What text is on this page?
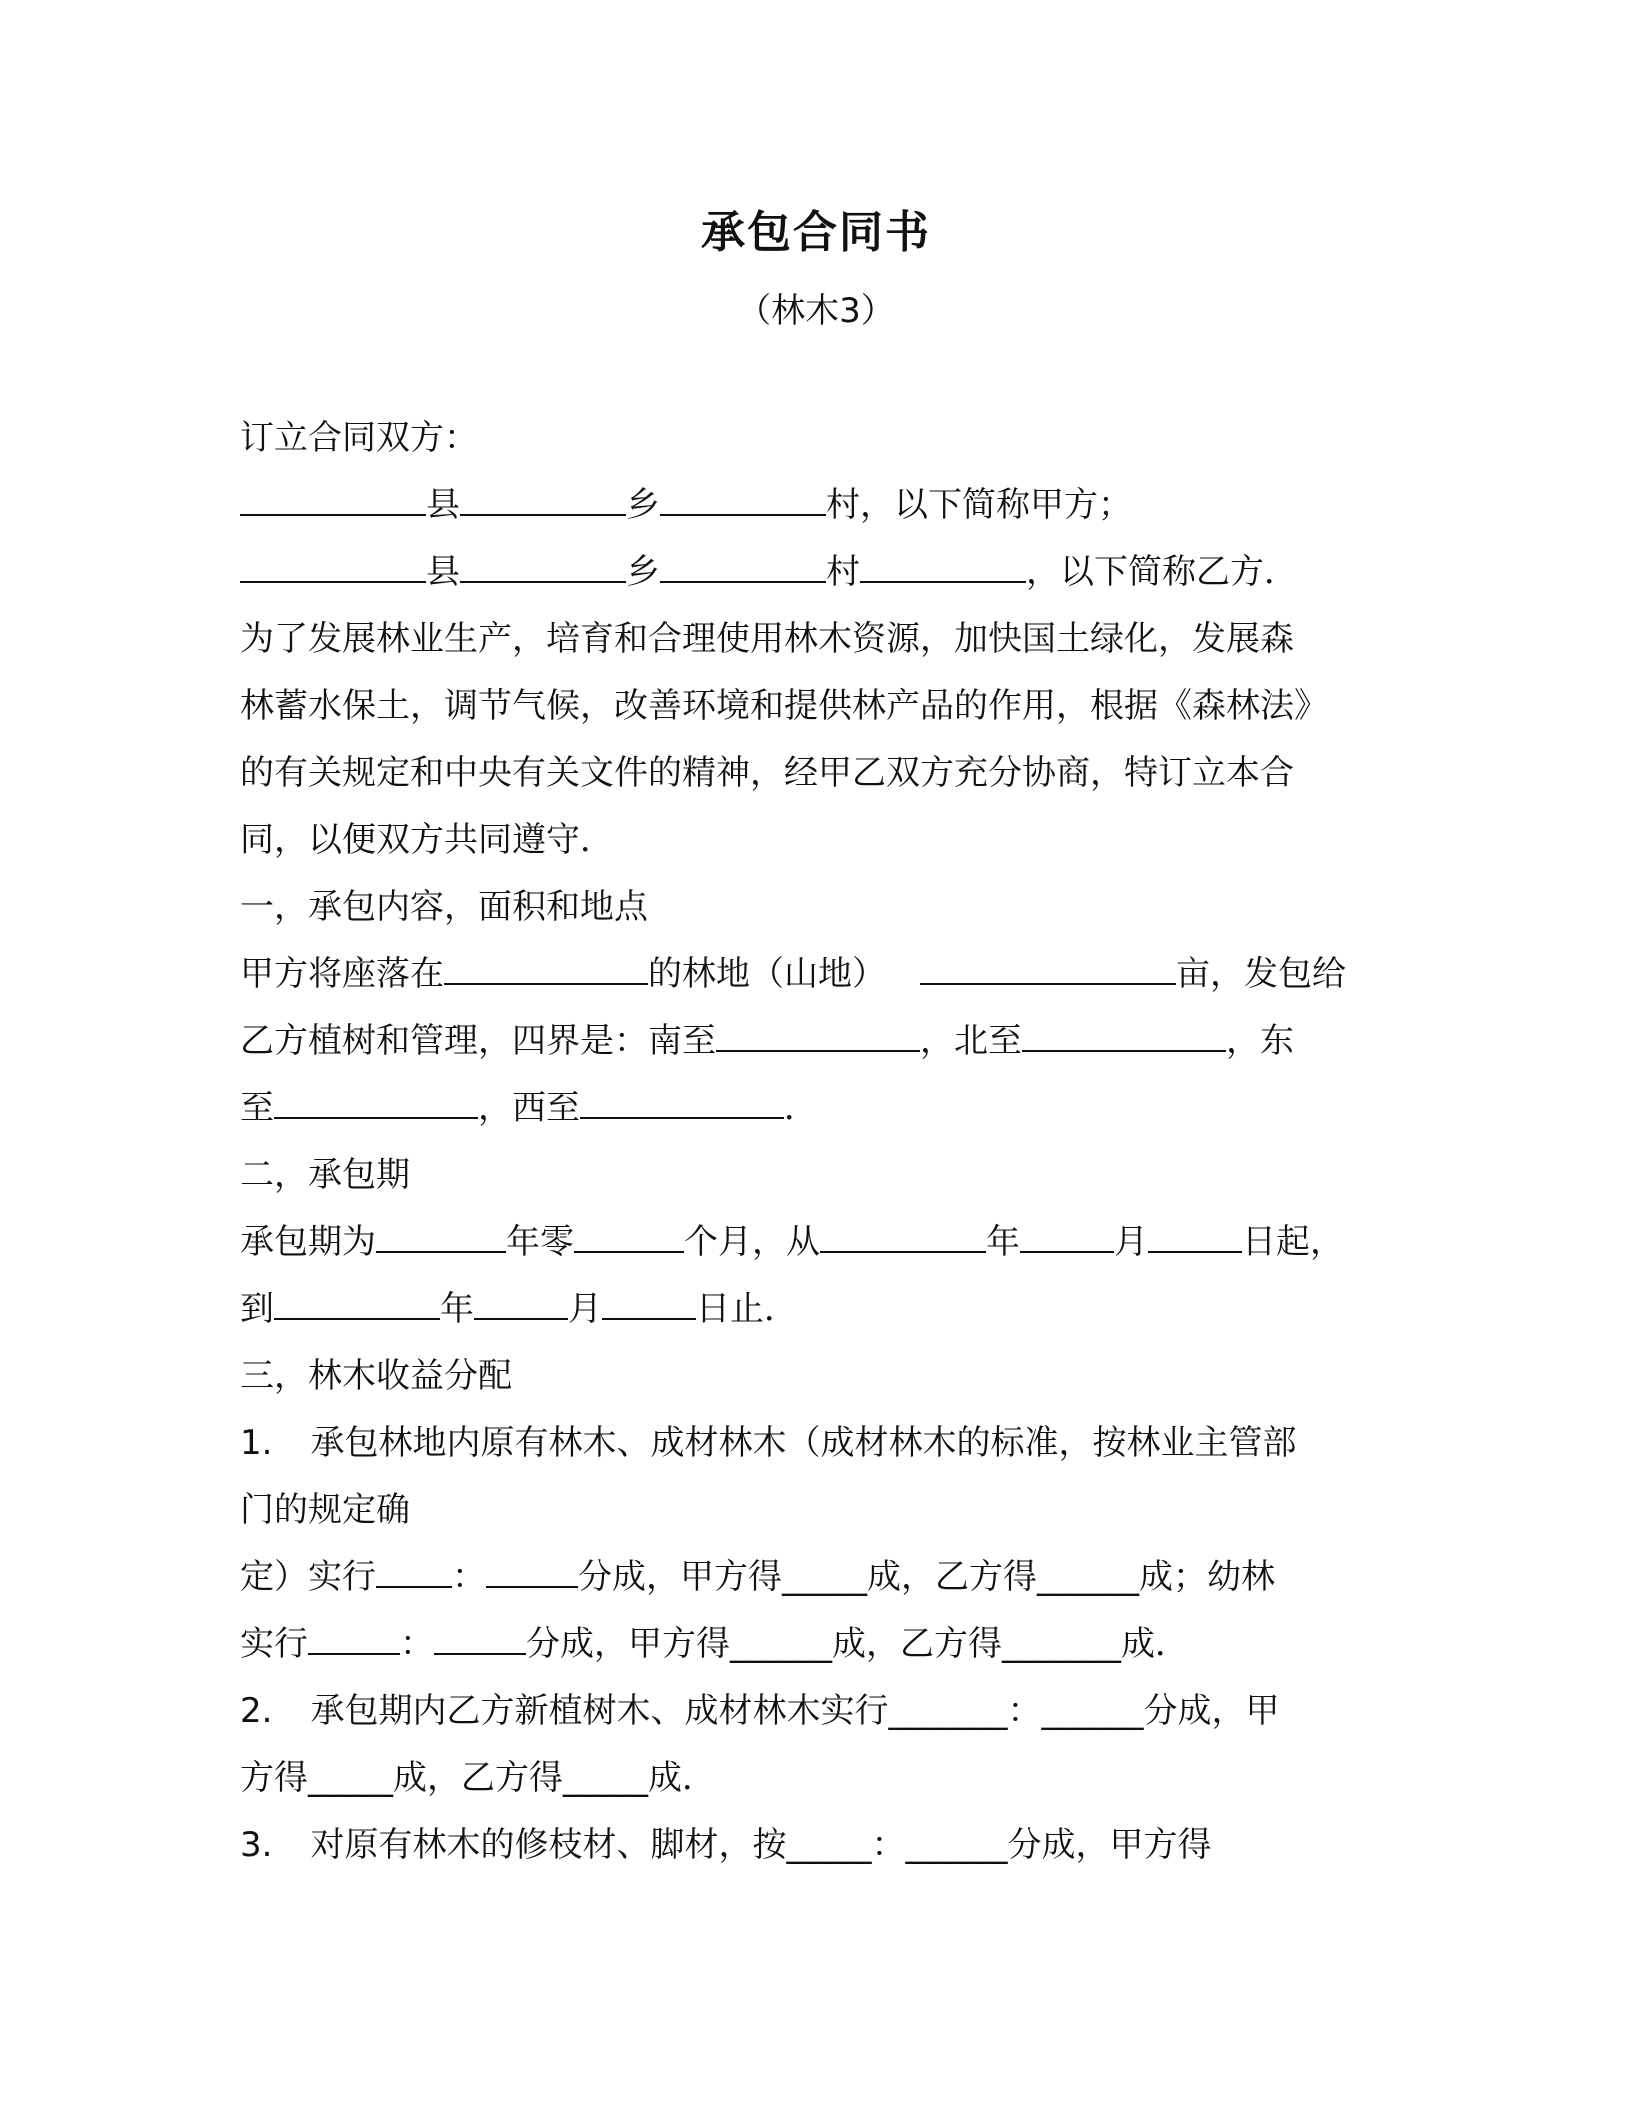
承包合同书
（林木3）
订立合同双方：
县	乡	村，以下简称甲方；
县	乡	村	，以下简称乙方．
为了发展林业生产，培育和合理使用林木资源，加快国土绿化，发展森
林蓄水保土，调节气候，改善环境和提供林产品的作用，根据《森林法》
的有关规定和中央有关文件的精神，经甲乙双方充分协商，特订立本合
同，以便双方共同遵守．
一，承包内容，面积和地点
甲方将座落在	的林地（山地）	亩，发包给
乙方植树和管理，四界是：南至	，北至	，东
至	，西至	．
二，承包期
承包期为	年零	个月，从	年	月	日起，
到	年	月	日止．
三，林木收益分配
1. 承包林地内原有林木、成材林木（成材林木的标准，按林业主管部
门的规定确
定）实行 ：	分成，甲方得_____成，乙方得______成；幼林
实行	：	分成，甲方得______成，乙方得_______成．
2. 承包期内乙方新植树木、成材林木实行_______：______分成，甲
方得_____成，乙方得_____成．
3. 对原有林木的修枝材、脚材，按_____：______分成，甲方得
